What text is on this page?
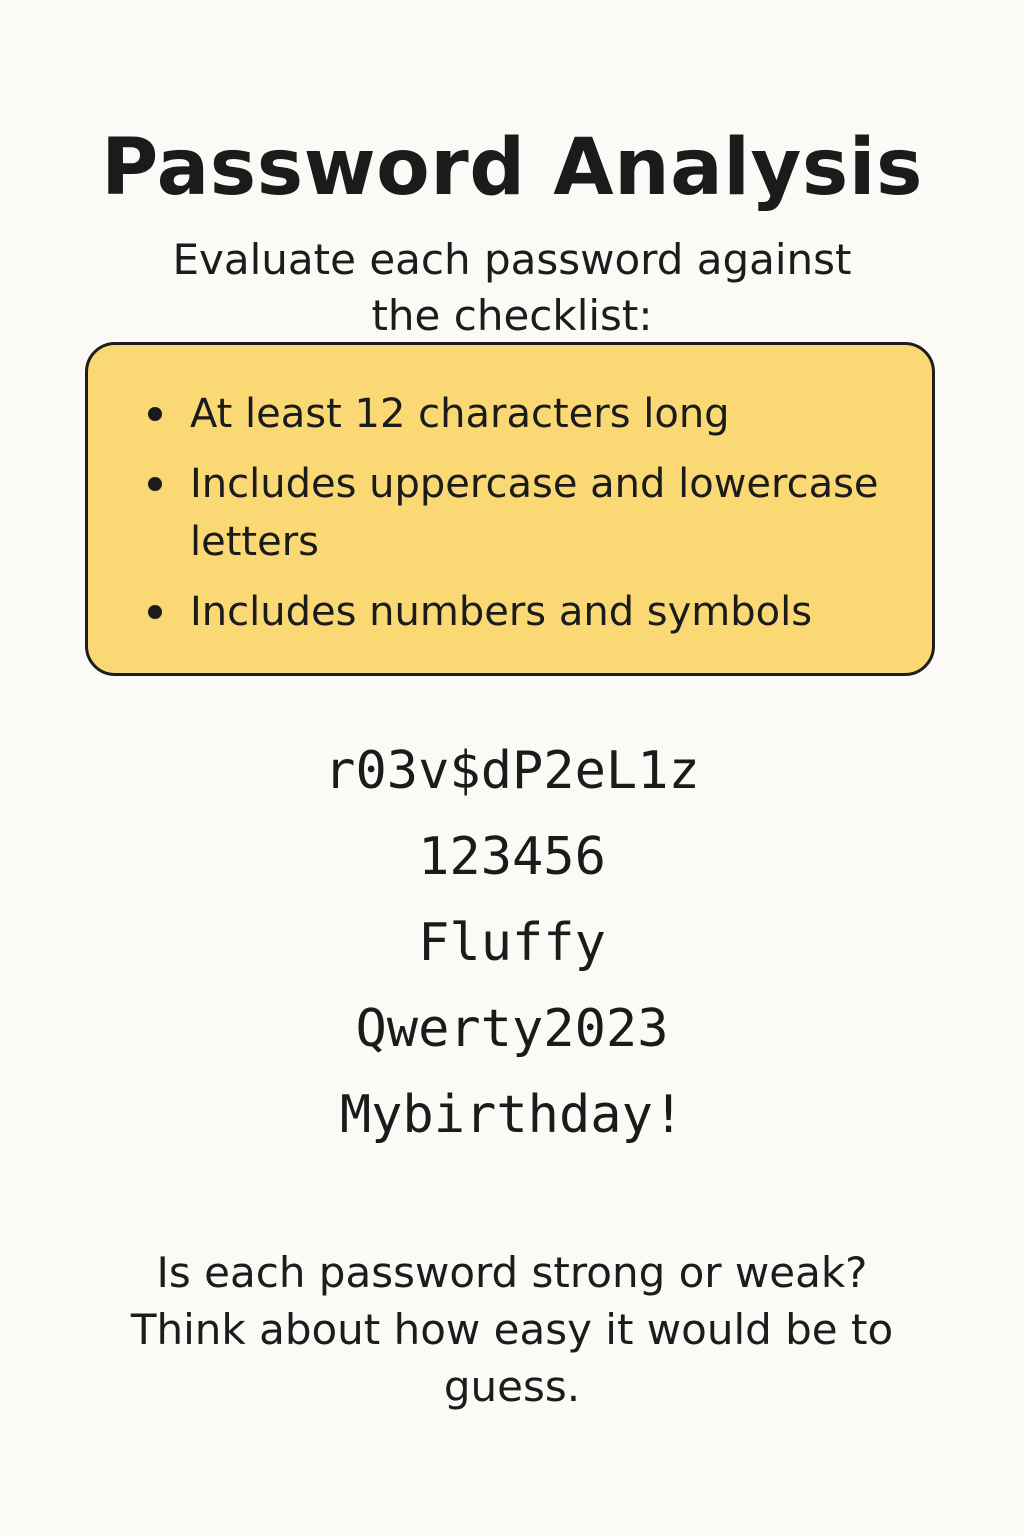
Password Analysis

Evaluate each password against the checklist:

At least 12 characters long
Includes uppercase and lowercase letters
Includes numbers and symbols
r03v$dP2eL1z
123456
Fluffy
Qwerty2023
Mybirthday!

Is each password strong or weak? Think about how easy it would be to guess.
